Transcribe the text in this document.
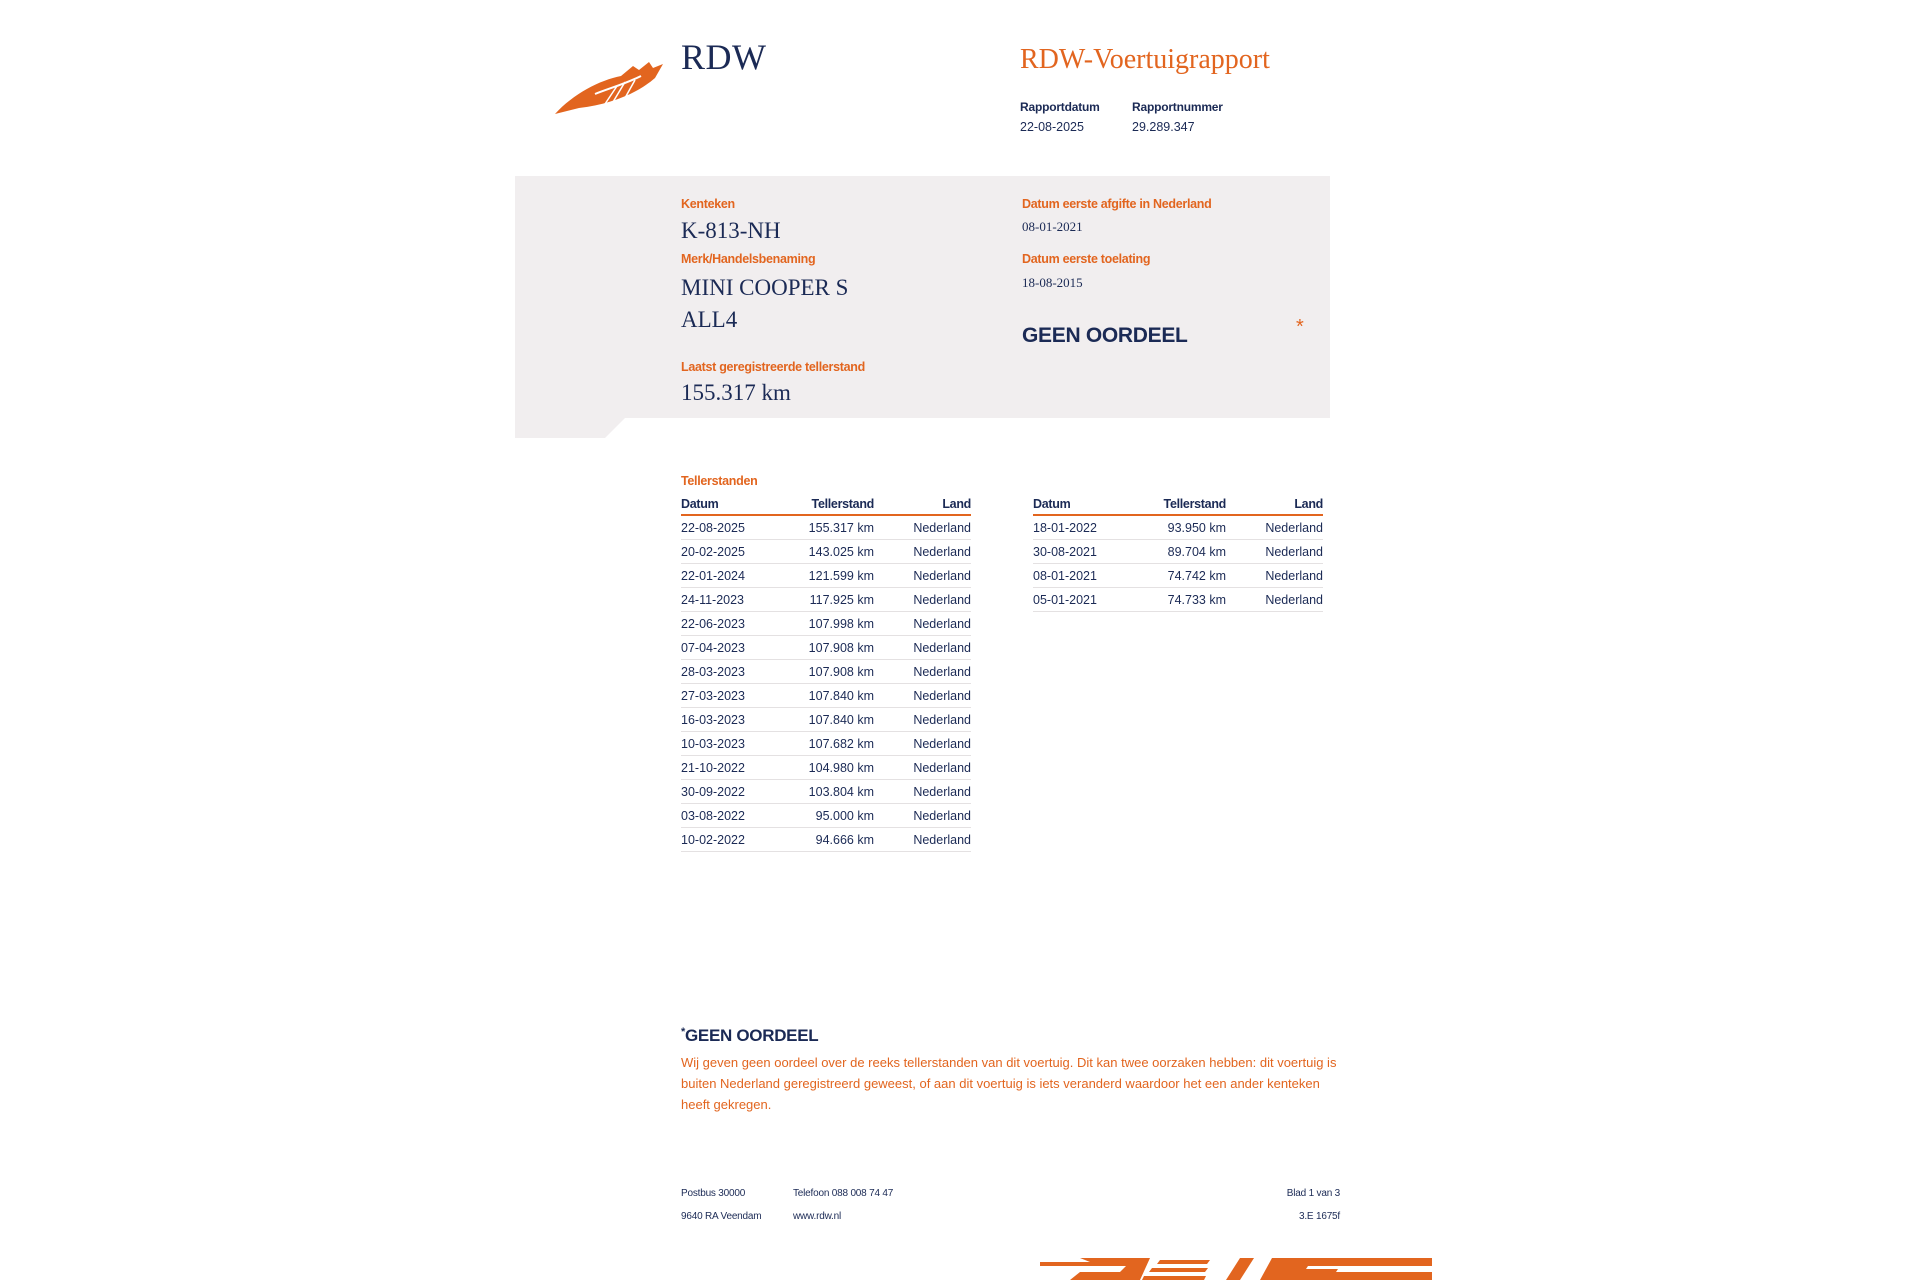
RDW	RDW-Voertuigrapport
Rapportdatum
22-08-2025
Rapportnummer
29.289.347
Kenteken
K-813-NH
Merk/Handelsbenaming
MINI COOPER S
ALL4
Laatst geregistreerde tellerstand
155.317 km
Datum eerste afgifte in Nederland
08-01-2021
Datum eerste toelating
18-08-2015
GEEN OORDEEL	*
Tellerstanden
Datum	Tellerstand	Land
22-08-2025	155.317 km	Nederland
20-02-2025	143.025 km	Nederland
22-01-2024	121.599 km	Nederland
24-11-2023	117.925 km	Nederland
22-06-2023	107.998 km	Nederland
07-04-2023	107.908 km	Nederland
28-03-2023	107.908 km	Nederland
27-03-2023	107.840 km	Nederland
16-03-2023	107.840 km	Nederland
10-03-2023	107.682 km	Nederland
21-10-2022	104.980 km	Nederland
30-09-2022	103.804 km	Nederland
03-08-2022	95.000 km	Nederland
10-02-2022	94.666 km	Nederland
Datum	Tellerstand	Land
18-01-2022	93.950 km	Nederland
30-08-2021	89.704 km	Nederland
08-01-2021	74.742 km	Nederland
05-01-2021	74.733 km	Nederland
*GEEN OORDEEL
Wij geven geen oordeel over de reeks tellerstanden van dit voertuig. Dit kan twee oorzaken hebben: dit voertuig is buiten Nederland geregistreerd geweest, of aan dit voertuig is iets veranderd waardoor het een ander kenteken heeft gekregen.
Postbus 30000
9640 RA Veendam
Telefoon 088 008 74 47
www.rdw.nl
Blad 1 van 3
3.E 1675f
